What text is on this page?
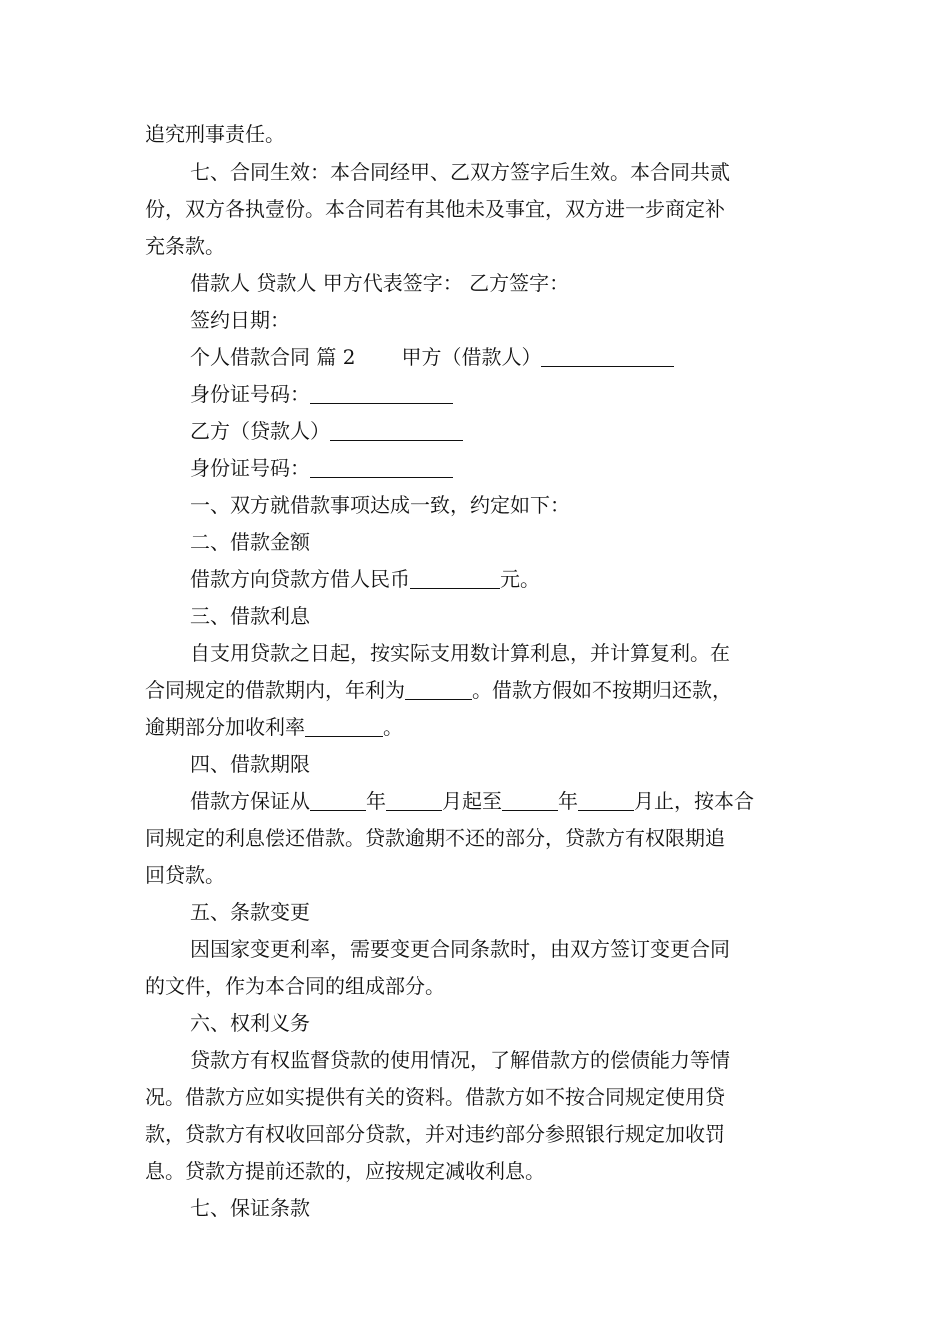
追究刑事责任。
七、合同生效：本合同经甲、乙双方签字后生效。本合同共贰
份，双方各执壹份。本合同若有其他未及事宜，双方进一步商定补
充条款。
借款人 贷款人 甲方代表签字： 乙方签字：
签约日期：
个人借款合同 篇 2 甲方（借款人）
身份证号码：
乙方（贷款人）
身份证号码：
一、双方就借款事项达成一致，约定如下：
二、借款金额
借款方向贷款方借人民币	元。
三、借款利息
自支用贷款之日起，按实际支用数计算利息，并计算复利。在
合同规定的借款期内，年利为	。借款方假如不按期归还款，
逾期部分加收利率	。
四、借款期限
借款方保证从	年	月起至	年	月止，按本合
同规定的利息偿还借款。贷款逾期不还的部分，贷款方有权限期追
回贷款。
五、条款变更
因国家变更利率，需要变更合同条款时，由双方签订变更合同
的文件，作为本合同的组成部分。
六、权利义务
贷款方有权监督贷款的使用情况，了解借款方的偿债能力等情
况。借款方应如实提供有关的资料。借款方如不按合同规定使用贷
款，贷款方有权收回部分贷款，并对违约部分参照银行规定加收罚
息。贷款方提前还款的，应按规定减收利息。
七、保证条款
